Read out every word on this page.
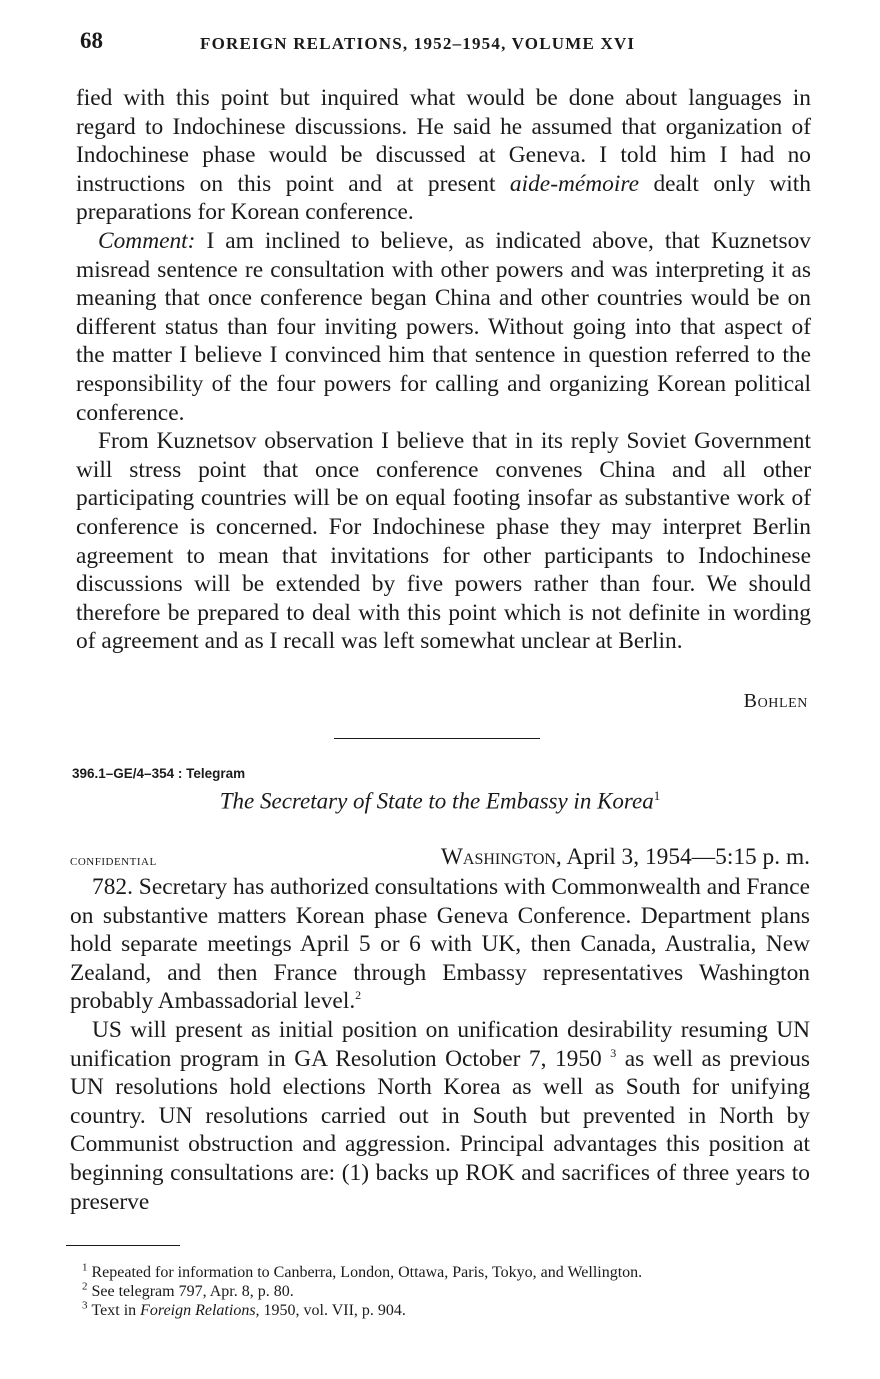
68	FOREIGN RELATIONS, 1952–1954, VOLUME XVI

fied with this point but inquired what would be done about languages in regard to Indochinese discussions. He said he assumed that organization of Indochinese phase would be discussed at Geneva. I told him I had no instructions on this point and at present aide-mémoire dealt only with preparations for Korean conference.

Comment: I am inclined to believe, as indicated above, that Kuznetsov misread sentence re consultation with other powers and was interpreting it as meaning that once conference began China and other countries would be on different status than four inviting powers. Without going into that aspect of the matter I believe I convinced him that sentence in question referred to the responsibility of the four powers for calling and organizing Korean political conference.

From Kuznetsov observation I believe that in its reply Soviet Government will stress point that once conference convenes China and all other participating countries will be on equal footing insofar as substantive work of conference is concerned. For Indochinese phase they may interpret Berlin agreement to mean that invitations for other participants to Indochinese discussions will be extended by five powers rather than four. We should therefore be prepared to deal with this point which is not definite in wording of agreement and as I recall was left somewhat unclear at Berlin.

Bohlen
396.1–GE/4–354 : Telegram
The Secretary of State to the Embassy in Korea$^1$
confidential	Washington, April 3, 1954—5:15 p. m.

782. Secretary has authorized consultations with Commonwealth and France on substantive matters Korean phase Geneva Conference. Department plans hold separate meetings April 5 or 6 with UK, then Canada, Australia, New Zealand, and then France through Embassy representatives Washington probably Ambassadorial level.$^2$

US will present as initial position on unification desirability resuming UN unification program in GA Resolution October 7, 1950 $^3$ as well as previous UN resolutions hold elections North Korea as well as South for unifying country. UN resolutions carried out in South but prevented in North by Communist obstruction and aggression. Principal advantages this position at beginning consultations are: (1) backs up ROK and sacrifices of three years to preserve

$^1$ Repeated for information to Canberra, London, Ottawa, Paris, Tokyo, and Wellington.

$^2$ See telegram 797, Apr. 8, p. 80.

$^3$ Text in Foreign Relations, 1950, vol. VII, p. 904.
